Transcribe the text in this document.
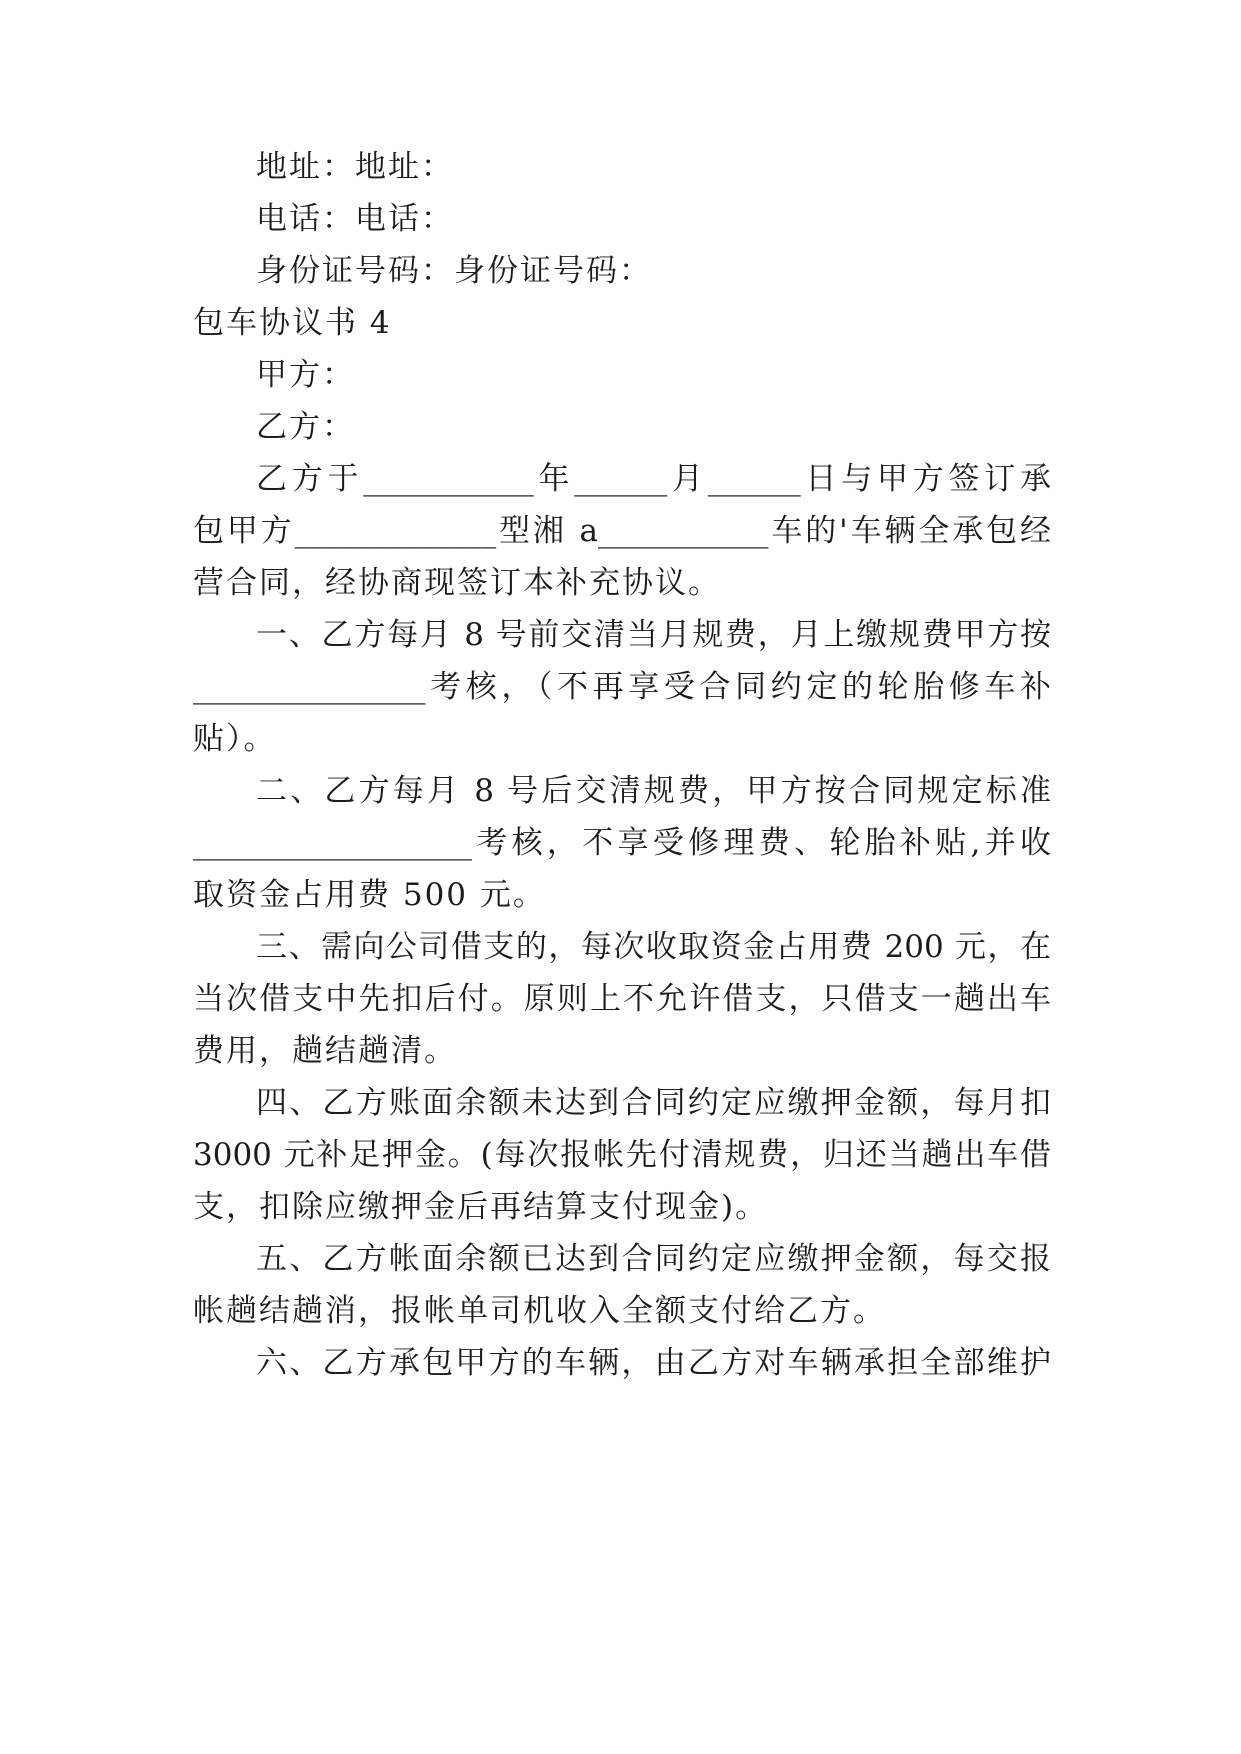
地址：地址：
电话：电话：
身份证号码：身份证号码：
包车协议书 4
甲方：
乙方：
乙方于___________年______月______日与甲方签订承
包甲方_____________型湘 a___________车的'车辆全承包经
营合同，经协商现签订本补充协议。
一、乙方每月 8 号前交清当月规费，月上缴规费甲方按
_______________考核，（不再享受合同约定的轮胎修车补
贴）。
二、乙方每月 8 号后交清规费，甲方按合同规定标准
__________________考核，不享受修理费、轮胎补贴,并收
取资金占用费 500 元。
三、需向公司借支的，每次收取资金占用费 200 元，在
当次借支中先扣后付。原则上不允许借支，只借支一趟出车
费用，趟结趟清。
四、乙方账面余额未达到合同约定应缴押金额，每月扣
3000 元补足押金。(每次报帐先付清规费，归还当趟出车借
支，扣除应缴押金后再结算支付现金)。
五、乙方帐面余额已达到合同约定应缴押金额，每交报
帐趟结趟消，报帐单司机收入全额支付给乙方。
六、乙方承包甲方的车辆，由乙方对车辆承担全部维护
